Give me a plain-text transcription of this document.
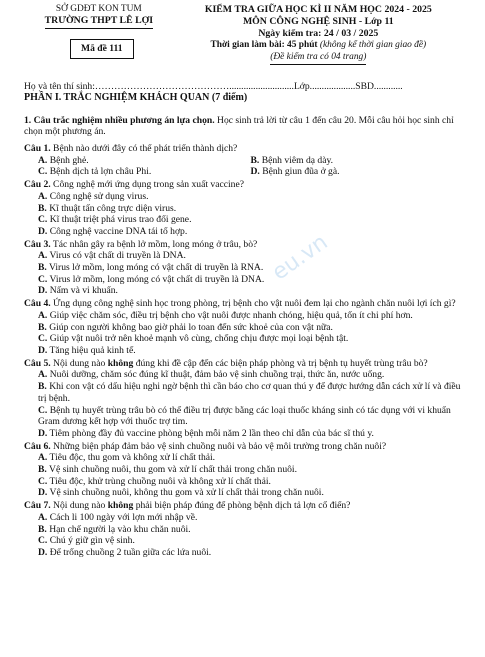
SỞ GDĐT KON TUM
TRƯỜNG THPT LÊ LỢI
Mã đề 111
KIỂM TRA GIỮA HỌC KÌ II NĂM HỌC 2024 - 2025
MÔN CÔNG NGHỆ SINH - Lớp 11
Ngày kiểm tra: 24 / 03 / 2025
Thời gian làm bài: 45 phút (không kể thời gian giao đề)
(Đề kiểm tra có 04 trang)
Họ và tên thí sinh:……………………………………...........................Lớp...................SBD............
PHẦN I. TRẮC NGHIỆM KHÁCH QUAN (7 điểm)
1. Câu trắc nghiệm nhiều phương án lựa chọn. Học sinh trả lời từ câu 1 đến câu 20. Mỗi câu hỏi học sinh chỉ chọn một phương án.
Câu 1. Bệnh nào dưới đây có thể phát triển thành dịch?
A. Bệnh ghẻ.	B. Bệnh viêm dạ dày.
C. Bệnh dịch tả lợn châu Phi.	D. Bệnh giun đũa ở gà.
Câu 2. Công nghệ mới ứng dụng trong sản xuất vaccine?
A. Công nghệ sử dụng virus.
B. Kĩ thuật tấn công trực diện virus.
C. Kĩ thuật triệt phá virus trao đổi gene.
D. Công nghệ vaccine DNA tái tổ hợp.
Câu 3. Tác nhân gây ra bệnh lở mồm, long móng ở trâu, bò?
A. Virus có vật chất di truyền là DNA.
B. Virus lở mồm, long móng có vật chất di truyền là RNA.
C. Virus lở mồm, long móng có vật chất di truyền là DNA.
D. Nấm và vi khuẩn.
Câu 4. Ứng dụng công nghệ sinh học trong phòng, trị bệnh cho vật nuôi đem lại cho ngành chăn nuôi lợi ích gì?
A. Giúp việc chăm sóc, điều trị bệnh cho vật nuôi được nhanh chóng, hiệu quả, tốn ít chi phí hơn.
B. Giúp con người không bao giờ phải lo toan đến sức khoẻ của con vật nữa.
C. Giúp vật nuôi trở nên khoẻ mạnh vô cùng, chống chịu được mọi loại bệnh tật.
D. Tăng hiệu quả kinh tế.
Câu 5. Nội dung nào không đúng khi đề cập đến các biện pháp phòng và trị bệnh tụ huyết trùng trâu bò?
A. Nuôi dưỡng, chăm sóc đúng kĩ thuật, đảm bảo vệ sinh chuồng trại, thức ăn, nước uống.
B. Khi con vật có dấu hiệu nghi ngờ bệnh thì cần báo cho cơ quan thú y để được hướng dẫn cách xử lí và điều trị bệnh.
C. Bệnh tụ huyết trùng trâu bò có thể điều trị được bằng các loại thuốc kháng sinh có tác dụng với vi khuẩn Gram dương kết hợp với thuốc trợ tim.
D. Tiêm phòng đầy đủ vaccine phòng bệnh mỗi năm 2 lần theo chỉ dẫn của bác sĩ thú y.
Câu 6. Những biện pháp đảm bảo vệ sinh chuồng nuôi và bảo vệ môi trường trong chăn nuôi?
A. Tiêu độc, thu gom và không xử lí chất thải.
B. Vệ sinh chuồng nuôi, thu gom và xử lí chất thải trong chăn nuôi.
C. Tiêu độc, khử trùng chuồng nuôi và không xử lí chất thải.
D. Vệ sinh chuồng nuôi, không thu gom và xử lí chất thải trong chăn nuôi.
Câu 7. Nội dung nào không phải biện pháp đúng để phòng bệnh dịch tả lợn cổ điển?
A. Cách li 100 ngày với lợn mới nhập về.
B. Hạn chế người lạ vào khu chăn nuôi.
C. Chú ý giữ gìn vệ sinh.
D. Để trống chuồng 2 tuần giữa các lứa nuôi.
eu.vn
